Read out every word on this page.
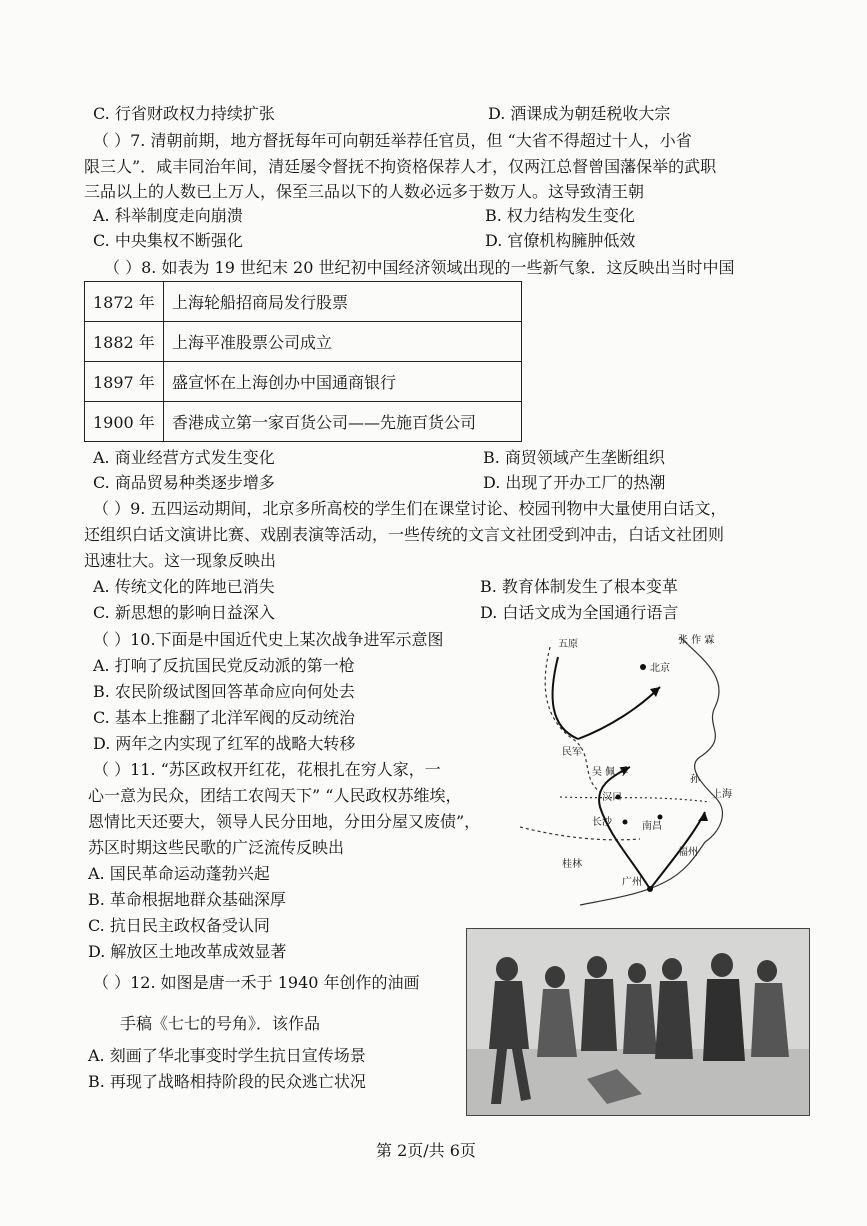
C. 行省财政权力持续扩张	D. 酒课成为朝廷税收大宗
（ ）7. 清朝前期，地方督抚每年可向朝廷举荐任官员，但 “大省不得超过十人，小省
限三人”．咸丰同治年间，清廷屡令督抚不拘资格保荐人才，仅两江总督曾国藩保举的武职
三品以上的人数已上万人，保至三品以下的人数必远多于数万人。这导致清王朝
A. 科举制度走向崩溃	B. 权力结构发生变化
C. 中央集权不断强化	D. 官僚机构臃肿低效
（ ）8. 如表为 19 世纪末 20 世纪初中国经济领域出现的一些新气象．这反映出当时中国
1872 年	上海轮船招商局发行股票
1882 年	上海平准股票公司成立
1897 年	盛宣怀在上海创办中国通商银行
1900 年	香港成立第一家百货公司——先施百货公司
A. 商业经营方式发生变化	B. 商贸领域产生垄断组织
C. 商品贸易种类逐步增多	D. 出现了开办工厂的热潮
（ ）9. 五四运动期间，北京多所高校的学生们在课堂讨论、校园刊物中大量使用白话文，
还组织白话文演讲比赛、戏剧表演等活动，一些传统的文言文社团受到冲击，白话文社团则
迅速壮大。这一现象反映出
A. 传统文化的阵地已消失	B. 教育体制发生了根本变革
C. 新思想的影响日益深入	D. 白话文成为全国通行语言
（ ）10.下面是中国近代史上某次战争进军示意图
A. 打响了反抗国民党反动派的第一枪
B. 农民阶级试图回答革命应向何处去
C. 基本上推翻了北洋军阀的反动统治
D. 两年之内实现了红军的战略大转移
五原	张 作 霖
北京
民军
吴 佩 孚
汉口
孙
长沙	南昌
上海
广州
桂林
福州
（ ）11. “苏区政权开红花，花根扎在穷人家，一
心一意为民众，团结工农闯天下” “人民政权苏维埃，
恩情比天还要大，领导人民分田地，分田分屋又废债”，
苏区时期这些民歌的广泛流传反映出
A. 国民革命运动蓬勃兴起
B. 革命根据地群众基础深厚
C. 抗日民主政权备受认同
D. 解放区土地改革成效显著
（ ）12. 如图是唐一禾于 1940 年创作的油画
手稿《七七的号角》．该作品
A. 刻画了华北事变时学生抗日宣传场景
B. 再现了战略相持阶段的民众逃亡状况
第 2页/共 6页
